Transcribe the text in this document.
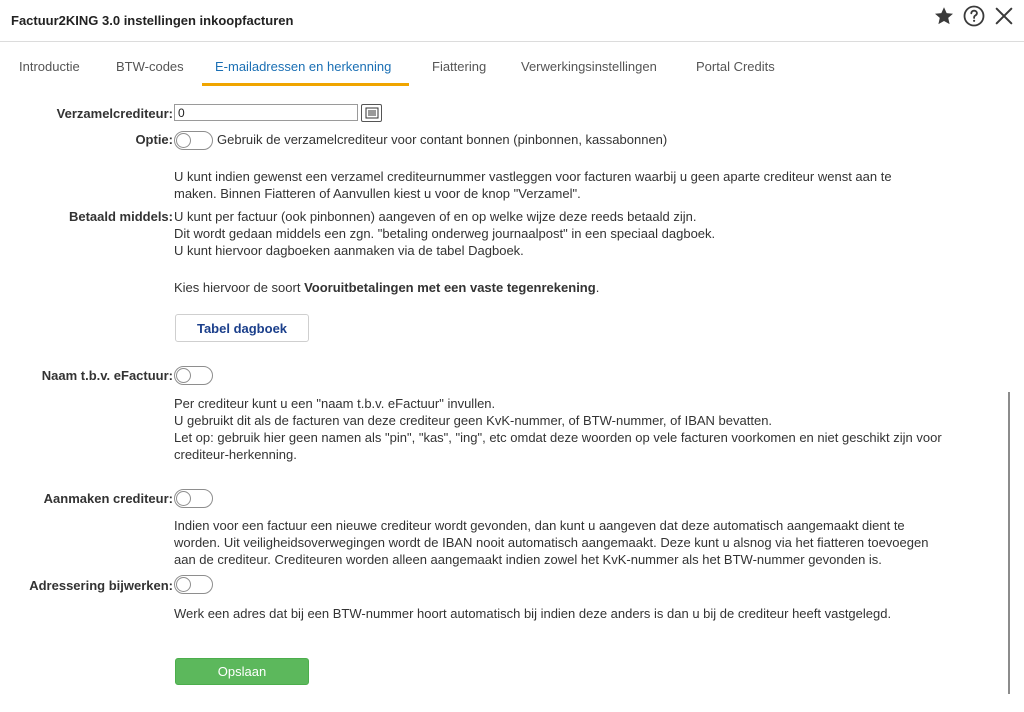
Factuur2KING 3.0 instellingen inkoopfacturen
Introductie	BTW-codes E-mailadressen en herkenning	Fiattering	Verwerkingsinstellingen	Portal Credits
Verzamelcrediteur:
0
Optie:	Gebruik de verzamelcrediteur voor contant bonnen (pinbonnen, kassabonnen)
U kunt indien gewenst een verzamel crediteurnummer vastleggen voor facturen waarbij u geen aparte crediteur wenst aan te
maken. Binnen Fiatteren of Aanvullen kiest u voor de knop "Verzamel".
Betaald middels: U kunt per factuur (ook pinbonnen) aangeven of en op welke wijze deze reeds betaald zijn.
Dit wordt gedaan middels een zgn. "betaling onderweg journaalpost" in een speciaal dagboek.
U kunt hiervoor dagboeken aanmaken via de tabel Dagboek.
Kies hiervoor de soort Vooruitbetalingen met een vaste tegenrekening.
Tabel dagboek
Naam t.b.v. eFactuur:
Per crediteur kunt u een "naam t.b.v. eFactuur" invullen.
U gebruikt dit als de facturen van deze crediteur geen KvK-nummer, of BTW-nummer, of IBAN bevatten.
Let op: gebruik hier geen namen als "pin", "kas", "ing", etc omdat deze woorden op vele facturen voorkomen en niet geschikt zijn voor
crediteur-herkenning.
Aanmaken crediteur:
Indien voor een factuur een nieuwe crediteur wordt gevonden, dan kunt u aangeven dat deze automatisch aangemaakt dient te
worden. Uit veiligheidsoverwegingen wordt de IBAN nooit automatisch aangemaakt. Deze kunt u alsnog via het fiatteren toevoegen
aan de crediteur. Crediteuren worden alleen aangemaakt indien zowel het KvK-nummer als het BTW-nummer gevonden is.
Adressering bijwerken:
Werk een adres dat bij een BTW-nummer hoort automatisch bij indien deze anders is dan u bij de crediteur heeft vastgelegd.
Opslaan
